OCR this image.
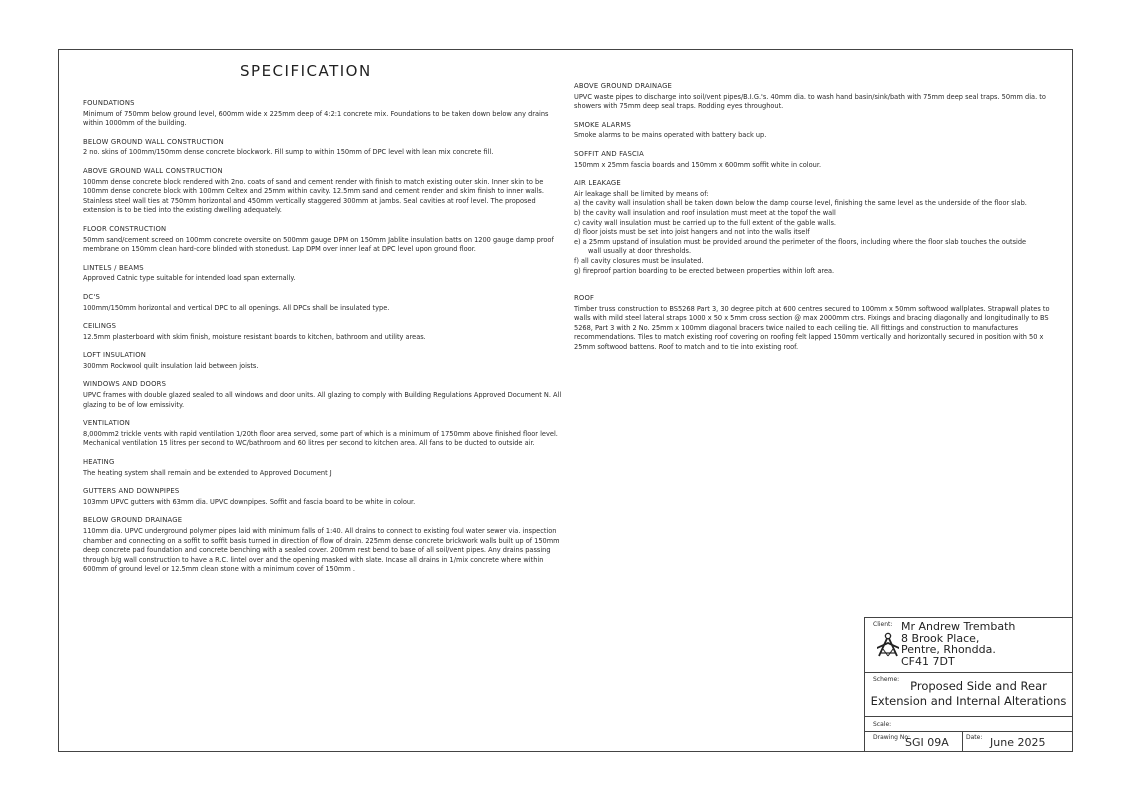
SPECIFICATION
FOUNDATIONS

Minimum of 750mm below ground level, 600mm wide x 225mm deep of 4:2:1 concrete mix. Foundations to be taken down below any drains within 1000mm of the building.

BELOW GROUND WALL CONSTRUCTION

2 no. skins of 100mm/150mm dense concrete blockwork. Fill sump to within 150mm of DPC level with lean mix concrete fill.

ABOVE GROUND WALL CONSTRUCTION

100mm dense concrete block rendered with 2no. coats of sand and cement render with finish to match existing outer skin. Inner skin to be 100mm dense concrete block with 100mm Celtex and 25mm within cavity. 12.5mm sand and cement render and skim finish to inner walls. Stainless steel wall ties at 750mm horizontal and 450mm vertically staggered 300mm at jambs. Seal cavities at roof level. The proposed extension is to be tied into the existing dwelling adequately.

FLOOR CONSTRUCTION

50mm sand/cement screed on 100mm concrete oversite on 500mm gauge DPM on 150mm Jablite insulation batts on 1200 gauge damp proof membrane on 150mm clean hard-core blinded with stonedust. Lap DPM over inner leaf at DPC level upon ground floor.

LINTELS / BEAMS

Approved Catnic type suitable for intended load span externally.

DC'S

100mm/150mm horizontal and vertical DPC to all openings. All DPCs shall be insulated type.

CEILINGS

12.5mm plasterboard with skim finish, moisture resistant boards to kitchen, bathroom and utility areas.

LOFT INSULATION

300mm Rockwool quilt insulation laid between joists.

WINDOWS AND DOORS

UPVC frames with double glazed sealed to all windows and door units. All glazing to comply with Building Regulations Approved Document N. All glazing to be of low emissivity.

VENTILATION

8,000mm2 trickle vents with rapid ventilation 1/20th floor area served, some part of which is a minimum of 1750mm above finished floor level. Mechanical ventilation 15 litres per second to WC/bathroom and 60 litres per second to kitchen area. All fans to be ducted to outside air.

HEATING

The heating system shall remain and be extended to Approved Document J

GUTTERS AND DOWNPIPES

103mm UPVC gutters with 63mm dia. UPVC downpipes. Soffit and fascia board to be white in colour.

BELOW GROUND DRAINAGE

110mm dia. UPVC underground polymer pipes laid with minimum falls of 1:40. All drains to connect to existing foul water sewer via. inspection chamber and connecting on a soffit to soffit basis turned in direction of flow of drain. 225mm dense concrete brickwork walls built up of 150mm deep concrete pad foundation and concrete benching with a sealed cover. 200mm rest bend to base of all soil/vent pipes. Any drains passing through b/g wall construction to have a R.C. lintel over and the opening masked with slate. Incase all drains in 1/mix concrete where within 600mm of ground level or 12.5mm clean stone with a minimum cover of 150mm .

ABOVE GROUND DRAINAGE

UPVC waste pipes to discharge into soil/vent pipes/B.I.G.'s. 40mm dia. to wash hand basin/sink/bath with 75mm deep seal traps. 50mm dia. to showers with 75mm deep seal traps. Rodding eyes throughout.

SMOKE ALARMS

Smoke alarms to be mains operated with battery back up.

SOFFIT AND FASCIA

150mm x 25mm fascia boards and 150mm x 600mm soffit white in colour.

AIR LEAKAGE

Air leakage shall be limited by means of:

a) the cavity wall insulation shall be taken down below the damp course level, finishing the same level as the underside of the floor slab.

b) the cavity wall insulation and roof insulation must meet at the topof the wall

c) cavity wall insulation must be carried up to the full extent of the gable walls.

d) floor joists must be set into joist hangers and not into the walls itself

e) a 25mm upstand of insulation must be provided around the perimeter of the floors, including where the floor slab touches the outside

wall usually at door thresholds.

f) all cavity closures must be insulated.

g) fireproof partion boarding to be erected between properties within loft area.

ROOF

Timber truss construction to BS5268 Part 3, 30 degree pitch at 600 centres secured to 100mm x 50mm softwood wallplates. Strapwall plates to walls with mild steel lateral straps 1000 x 50 x 5mm cross section @ max 2000mm ctrs. Fixings and bracing diagonally and longitudinally to BS 5268, Part 3 with 2 No. 25mm x 100mm diagonal bracers twice nailed to each ceiling tie. All fittings and construction to manufactures recommendations. Tiles to match existing roof covering on roofing felt lapped 150mm vertically and horizontally secured in position with 50 x 25mm softwood battens. Roof to match and to tie into existing roof.

Client: Mr Andrew Trembath
8 Brook Place,
Pentre, Rhondda.
CF41 7DT
Scheme: Proposed Side and Rear
Extension and Internal Alterations
Scale:
Drawing No:
SGI 09A	Date: June 2025
